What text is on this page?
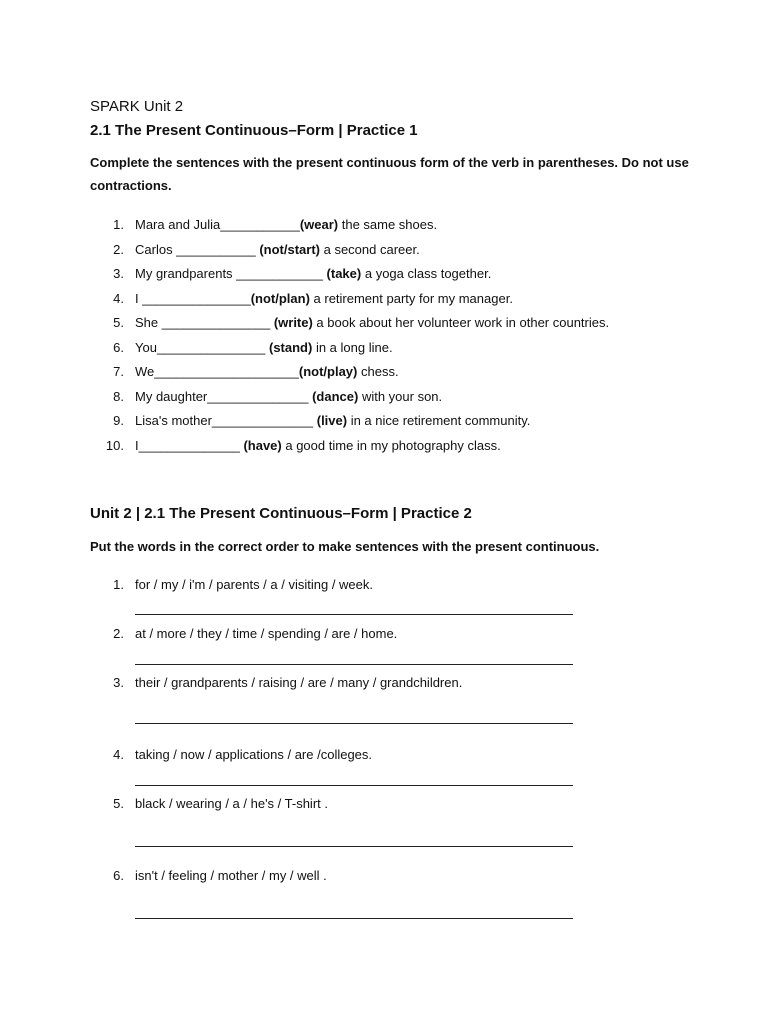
SPARK Unit 2
2.1 The Present Continuous–Form | Practice 1
Complete the sentences with the present continuous form of the verb in parentheses. Do not use contractions.
1. Mara and Julia___________(wear) the same shoes.
2. Carlos ___________ (not/start) a second career.
3. My grandparents ____________ (take) a yoga class together.
4. I _______________(not/plan) a retirement party for my manager.
5. She _______________ (write) a book about her volunteer work in other countries.
6. You_______________ (stand) in a long line.
7. We____________________(not/play) chess.
8. My daughter______________ (dance) with your son.
9. Lisa's mother______________ (live) in a nice retirement community.
10. I______________ (have) a good time in my photography class.
Unit 2 | 2.1 The Present Continuous–Form | Practice 2
Put the words in the correct order to make sentences with the present continuous.
1. for / my / i'm / parents / a / visiting / week.
2. at / more / they / time / spending / are / home.
3. their / grandparents / raising / are / many / grandchildren.
4. taking / now / applications / are /colleges.
5. black / wearing / a / he's / T-shirt .
6. isn't / feeling / mother / my / well .
